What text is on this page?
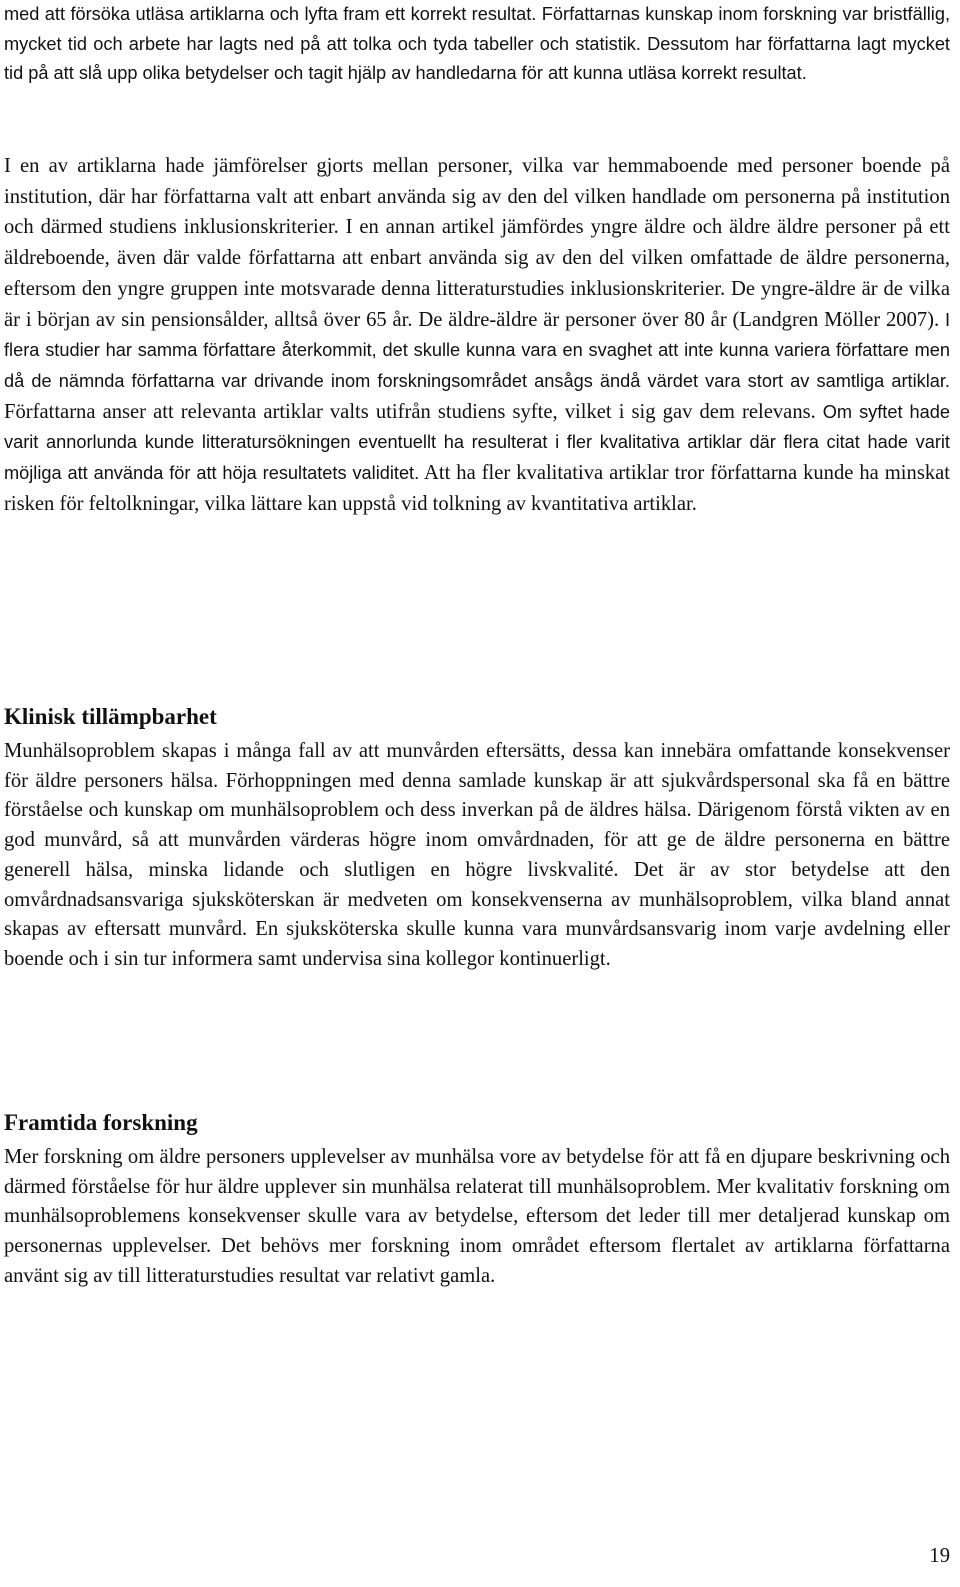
med att försöka utläsa artiklarna och lyfta fram ett korrekt resultat. Författarnas kunskap inom forskning var bristfällig, mycket tid och arbete har lagts ned på att tolka och tyda tabeller och statistik. Dessutom har författarna lagt mycket tid på att slå upp olika betydelser och tagit hjälp av handledarna för att kunna utläsa korrekt resultat.

I en av artiklarna hade jämförelser gjorts mellan personer, vilka var hemmaboende med personer boende på institution, där har författarna valt att enbart använda sig av den del vilken handlade om personerna på institution och därmed studiens inklusionskriterier. I en annan artikel jämfördes yngre äldre och äldre äldre personer på ett äldreboende, även där valde författarna att enbart använda sig av den del vilken omfattade de äldre personerna, eftersom den yngre gruppen inte motsvarade denna litteraturstudies inklusionskriterier. De yngre-äldre är de vilka är i början av sin pensionsålder, alltså över 65 år. De äldre-äldre är personer över 80 år (Landgren Möller 2007). I flera studier har samma författare återkommit, det skulle kunna vara en svaghet att inte kunna variera författare men då de nämnda författarna var drivande inom forskningsområdet ansågs ändå värdet vara stort av samtliga artiklar. Författarna anser att relevanta artiklar valts utifrån studiens syfte, vilket i sig gav dem relevans. Om syftet hade varit annorlunda kunde litteratursökningen eventuellt ha resulterat i fler kvalitativa artiklar där flera citat hade varit möjliga att använda för att höja resultatets validitet. Att ha fler kvalitativa artiklar tror författarna kunde ha minskat risken för feltolkningar, vilka lättare kan uppstå vid tolkning av kvantitativa artiklar.

Klinisk tillämpbarhet

Munhälsoproblem skapas i många fall av att munvården eftersätts, dessa kan innebära omfattande konsekvenser för äldre personers hälsa. Förhoppningen med denna samlade kunskap är att sjukvårdspersonal ska få en bättre förståelse och kunskap om munhälsoproblem och dess inverkan på de äldres hälsa. Därigenom förstå vikten av en god munvård, så att munvården värderas högre inom omvårdnaden, för att ge de äldre personerna en bättre generell hälsa, minska lidande och slutligen en högre livskvalité. Det är av stor betydelse att den omvårdnadsansvariga sjuksköterskan är medveten om konsekvenserna av munhälsoproblem, vilka bland annat skapas av eftersatt munvård. En sjuksköterska skulle kunna vara munvårdsansvarig inom varje avdelning eller boende och i sin tur informera samt undervisa sina kollegor kontinuerligt.

Framtida forskning

Mer forskning om äldre personers upplevelser av munhälsa vore av betydelse för att få en djupare beskrivning och därmed förståelse för hur äldre upplever sin munhälsa relaterat till munhälsoproblem. Mer kvalitativ forskning om munhälsoproblemens konsekvenser skulle vara av betydelse, eftersom det leder till mer detaljerad kunskap om personernas upplevelser. Det behövs mer forskning inom området eftersom flertalet av artiklarna författarna använt sig av till litteraturstudies resultat var relativt gamla.

19
